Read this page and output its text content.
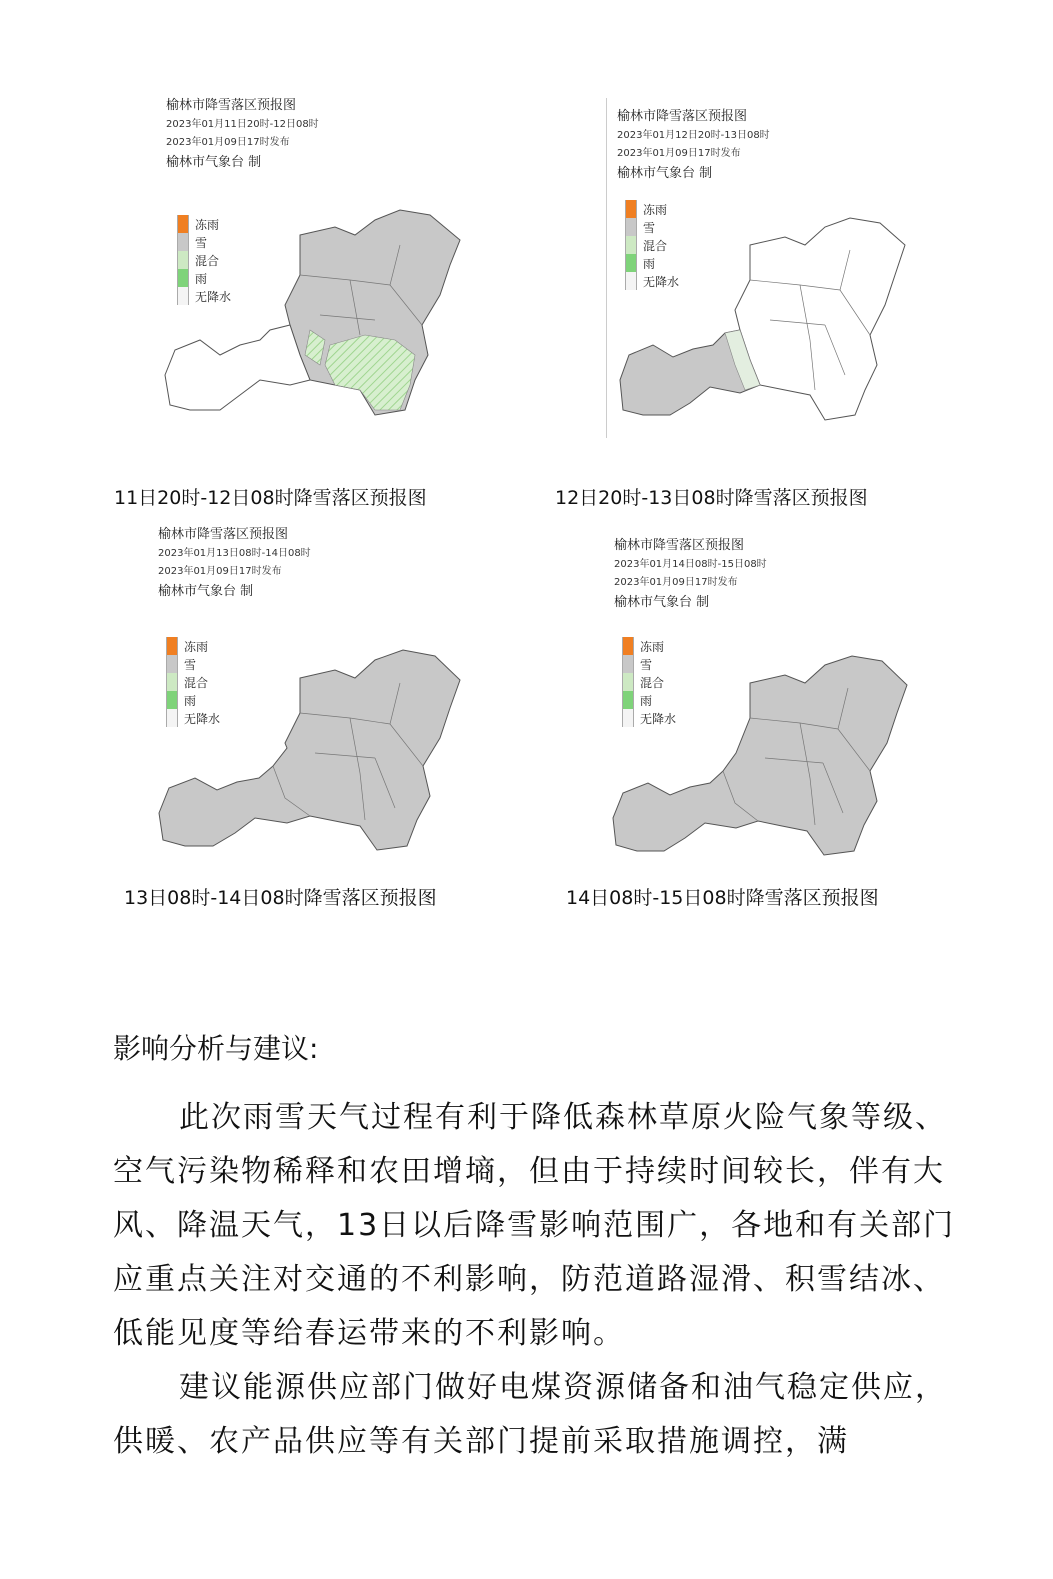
榆林市降雪落区预报图
2023年01月11日20时-12日08时
2023年01月09日17时发布
榆林市气象台 制
冻雨
雪
混合
雨
无降水
榆林市降雪落区预报图
2023年01月12日20时-13日08时
2023年01月09日17时发布
榆林市气象台 制
冻雨
雪
混合
雨
无降水
11日20时-12日08时降雪落区预报图	12日20时-13日08时降雪落区预报图
榆林市降雪落区预报图
2023年01月13日08时-14日08时
2023年01月09日17时发布
榆林市气象台 制
冻雨
雪
混合
雨
无降水
榆林市降雪落区预报图
2023年01月14日08时-15日08时
2023年01月09日17时发布
榆林市气象台 制
冻雨
雪
混合
雨
无降水
13日08时-14日08时降雪落区预报图	14日08时-15日08时降雪落区预报图
影响分析与建议:
此次雨雪天气过程有利于降低森林草原火险气象等级、空气污染物稀释和农田增墒，但由于持续时间较长，伴有大风、降温天气，13日以后降雪影响范围广，各地和有关部门应重点关注对交通的不利影响，防范道路湿滑、积雪结冰、低能见度等给春运带来的不利影响。
建议能源供应部门做好电煤资源储备和油气稳定供应，供暖、农产品供应等有关部门提前采取措施调控，满
